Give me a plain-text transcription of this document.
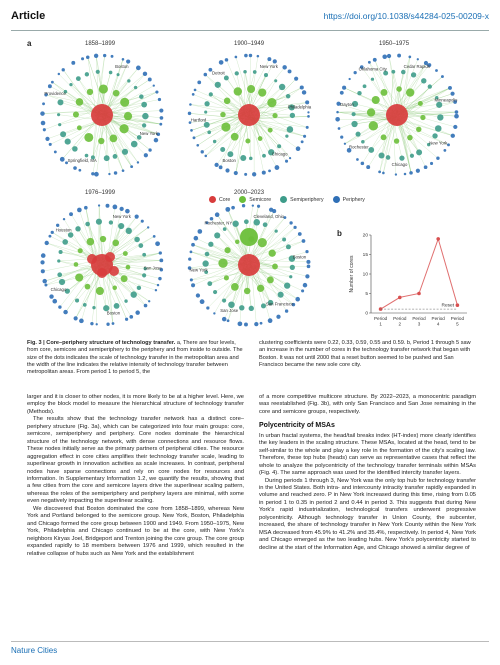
Article	https://doi.org/10.1038/s44284-025-00209-x
a	1858–1899	1900–1949	1950–1975
1976–1999	2000–2023
Boston
New York
Springfield, MA
Providence
New York
Philadelphia
Chicago
Boston
Hartford
Detroit
Cedar Rapids
Minneapolis
New York
Chicago
Rochester
Dayton
Oklahoma City
New York
San Jose
Boston
Chicago
Houston
Cleveland, Ohio
Boston
San Francisco
San Jose
New York
Rochester, NY
b
0
5
10
15
20
Number of cores
Period
1
Period
2
Period
3
Period
4
Period
5
Reset
Core	Semicore	Semiperiphery	Periphery
Fig. 3 | Core–periphery structure of technology transfer. a, There are four levels, from core, semicore and semiperiphery to the periphery and from inside to outside. The size of the dots indicates the scale of technology transfer in the metropolitan area and the width of the line indicates the relative intensity of technology transfer between metropolitan areas. From period 1 to period 5, the
clustering coefficients were 0.22, 0.33, 0.59, 0.55 and 0.59. b, Period 1 through 5 saw an increase in the number of cores in the technology transfer network that began with Boston. It was not until 2000 that a reset button seemed to be pushed and San Francisco became the new sole core city.

larger and it is closer to other nodes, it is more likely to be at a higher level. Here, we employ the block model to measure the hierarchical structure of technology transfer (Methods).

The results show that the technology transfer network has a distinct core–periphery structure (Fig. 3a), which can be categorized into four main groups: core, semicore, semiperiphery and periphery. Core nodes dominate the hierarchical structure of the technology network, with dense connections and resource flows. These nodes initially serve as the primary partners of peripheral cities. The resource aggregation effect in core cities amplifies their technology transfer scale, leading to superlinear growth in innovation activities as scale increases. In contrast, peripheral nodes have sparse connections and rely on core nodes for resources and information. In Supplementary Information 1.2, we quantify the results, showing that a few cities from the core and semicore layers drive the superlinear scaling pattern, whereas the roles of the semiperiphery and periphery layers are minimal, with some even negatively impacting the superlinear scaling.

We discovered that Boston dominated the core from 1858–1899, whereas New York and Portland belonged to the semicore group. New York, Boston, Philadelphia and Chicago formed the core group between 1900 and 1949. From 1950–1975, New York, Philadelphia and Chicago continued to be at the core, with New York's neighbors Kiryas Joel, Bridgeport and Trenton joining the core group. The core group expanded rapidly to 18 members between 1976 and 1999, which resulted in the relative collapse of hubs such as New York and the establishment

of a more competitive multicore structure. By 2022–2023, a monocentric paradigm was reestablished (Fig. 3b), with only San Francisco and San Jose remaining in the core and semicore groups, respectively.

Polycentricity of MSAs

In urban fractal systems, the head/tail breaks index (HT-index) more clearly identifies the key leaders in the scaling structure. These MSAs, located at the head, tend to be self-similar to the whole and play a key role in the formation of the city's scaling law. Therefore, these top hubs (heads) can serve as representative cases that reflect the whole to analyze the polycentricity of the technology transfer terminals within MSAs (Fig. 4). The same approach was used for the identified intercity transfer layers.

During periods 1 through 3, New York was the only top hub for technology transfer in the United States. Both intra- and intercounty intracity transfer rapidly expanded in volume and reached zero. P in New York increased during this time, rising from 0.05 in period 1 to 0.35 in period 2 and 0.44 in period 3. This suggests that during New York's rapid industrialization, technological transfers underwent progressive polycentricity. Although technology transfer in Union County, the subcenter, increased, the share of technology transfer in New York County within the New York MSA decreased from 45.9% to 41.2% and 35.4%, respectively. In period 4, New York and Chicago emerged as the two leading hubs. New York's polycentricity started to decline at the start of the Information Age, and Chicago showed a similar degree of

Nature Cities
